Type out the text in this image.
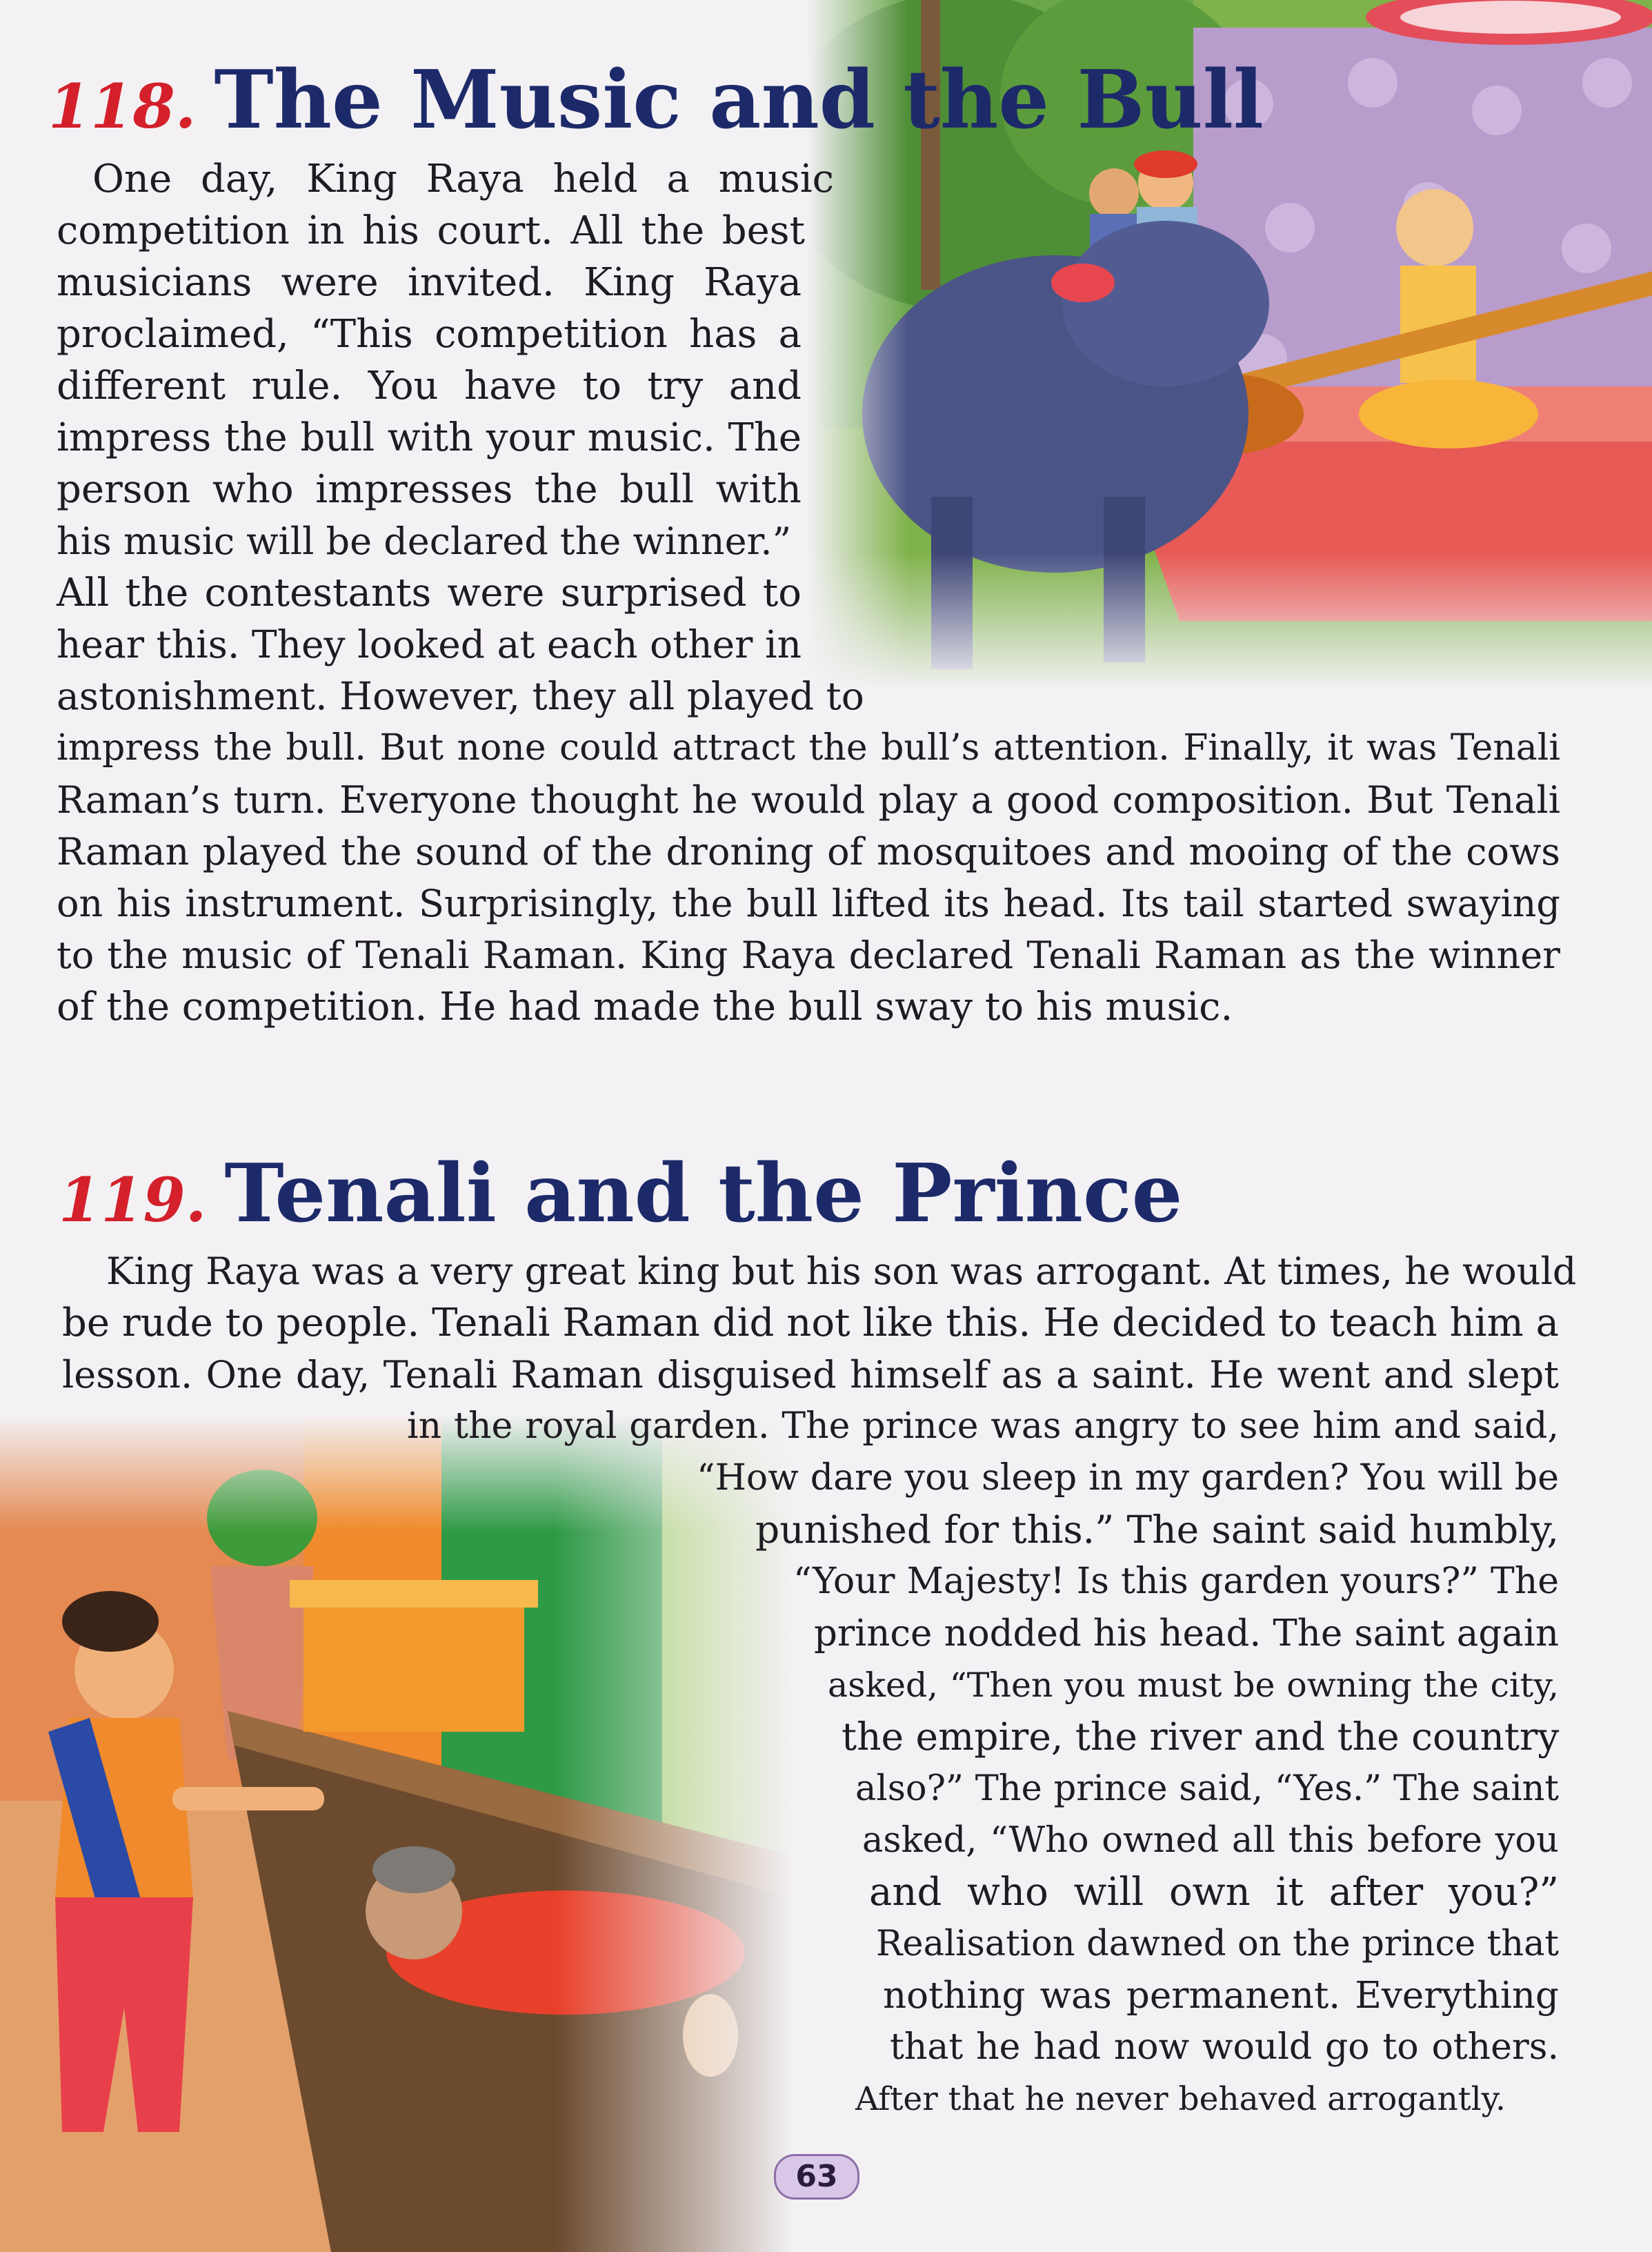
118. The Music and the Bull
One day, King Raya held a music
competition in his court. All the best
musicians were invited. King Raya
proclaimed, “This competition has a
different rule. You have to try and
impress the bull with your music. The
person who impresses the bull with
his music will be declared the winner.”
All the contestants were surprised to
hear this. They looked at each other in
astonishment. However, they all played to
impress the bull. But none could attract the bull’s attention. Finally, it was Tenali
Raman’s turn. Everyone thought he would play a good composition. But Tenali
Raman played the sound of the droning of mosquitoes and mooing of the cows
on his instrument. Surprisingly, the bull lifted its head. Its tail started swaying
to the music of Tenali Raman. King Raya declared Tenali Raman as the winner
of the competition. He had made the bull sway to his music.
119. Tenali and the Prince
King Raya was a very great king but his son was arrogant. At times, he would
be rude to people. Tenali Raman did not like this. He decided to teach him a
lesson. One day, Tenali Raman disguised himself as a saint. He went and slept
in the royal garden. The prince was angry to see him and said,
“How dare you sleep in my garden? You will be
punished for this.” The saint said humbly,
“Your Majesty! Is this garden yours?” The
prince nodded his head. The saint again
asked, “Then you must be owning the city,
the empire, the river and the country
also?” The prince said, “Yes.” The saint
asked, “Who owned all this before you
and who will own it after you?”
Realisation dawned on the prince that
nothing was permanent. Everything
that he had now would go to others.
After that he never behaved arrogantly.
63
